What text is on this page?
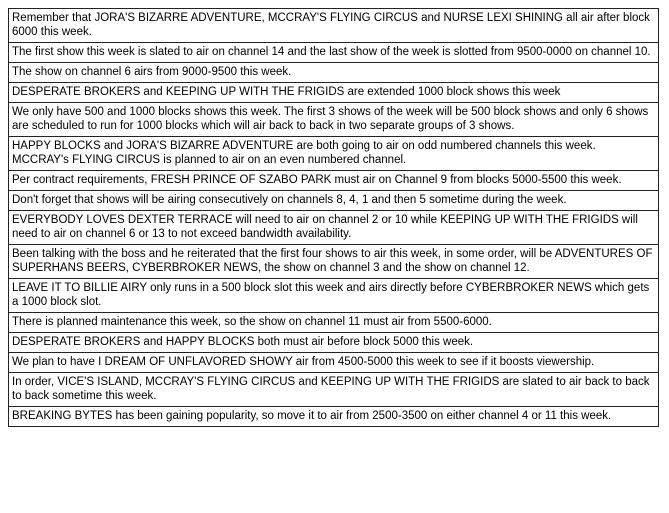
Remember that JORA'S BIZARRE ADVENTURE, MCCRAY'S FLYING CIRCUS and NURSE LEXI SHINING all air after block 6000 this week.
The first show this week is slated to air on channel 14 and the last show of the week is slotted from 9500-0000 on channel 10.
The show on channel 6 airs from 9000-9500 this week.
DESPERATE BROKERS and KEEPING UP WITH THE FRIGIDS are extended 1000 block shows this week
We only have 500 and 1000 blocks shows this week. The first 3 shows of the week will be 500 block shows and only 6 shows are scheduled to run for 1000 blocks which will air back to back in two separate groups of 3 shows.
HAPPY BLOCKS and JORA'S BIZARRE ADVENTURE are both going to air on odd numbered channels this week. MCCRAY's FLYING CIRCUS is planned to air on an even numbered channel.
Per contract requirements, FRESH PRINCE OF SZABO PARK must air on Channel 9 from blocks 5000-5500 this week.
Don't forget that shows will be airing consecutively on channels 8, 4, 1 and then 5 sometime during the week.
EVERYBODY LOVES DEXTER TERRACE will need to air on channel 2 or 10 while KEEPING UP WITH THE FRIGIDS will need to air on channel 6 or 13 to not exceed bandwidth availability.
Been talking with the boss and he reiterated that the first four shows to air this week, in some order, will be ADVENTURES OF SUPERHANS BEERS, CYBERBROKER NEWS, the show on channel 3 and the show on channel 12.
LEAVE IT TO BILLIE AIRY only runs in a 500 block slot this week and airs directly before CYBERBROKER NEWS which gets a 1000 block slot.
There is planned maintenance this week, so the show on channel 11 must air from 5500-6000.
DESPERATE BROKERS and HAPPY BLOCKS both must air before block 5000 this week.
We plan to have I DREAM OF UNFLAVORED SHOWY air from 4500-5000 this week to see if it boosts viewership.
In order, VICE'S ISLAND, MCCRAY'S FLYING CIRCUS and KEEPING UP WITH THE FRIGIDS are slated to air back to back to back sometime this week.
BREAKING BYTES has been gaining popularity, so move it to air from 2500-3500 on either channel 4 or 11 this week.
